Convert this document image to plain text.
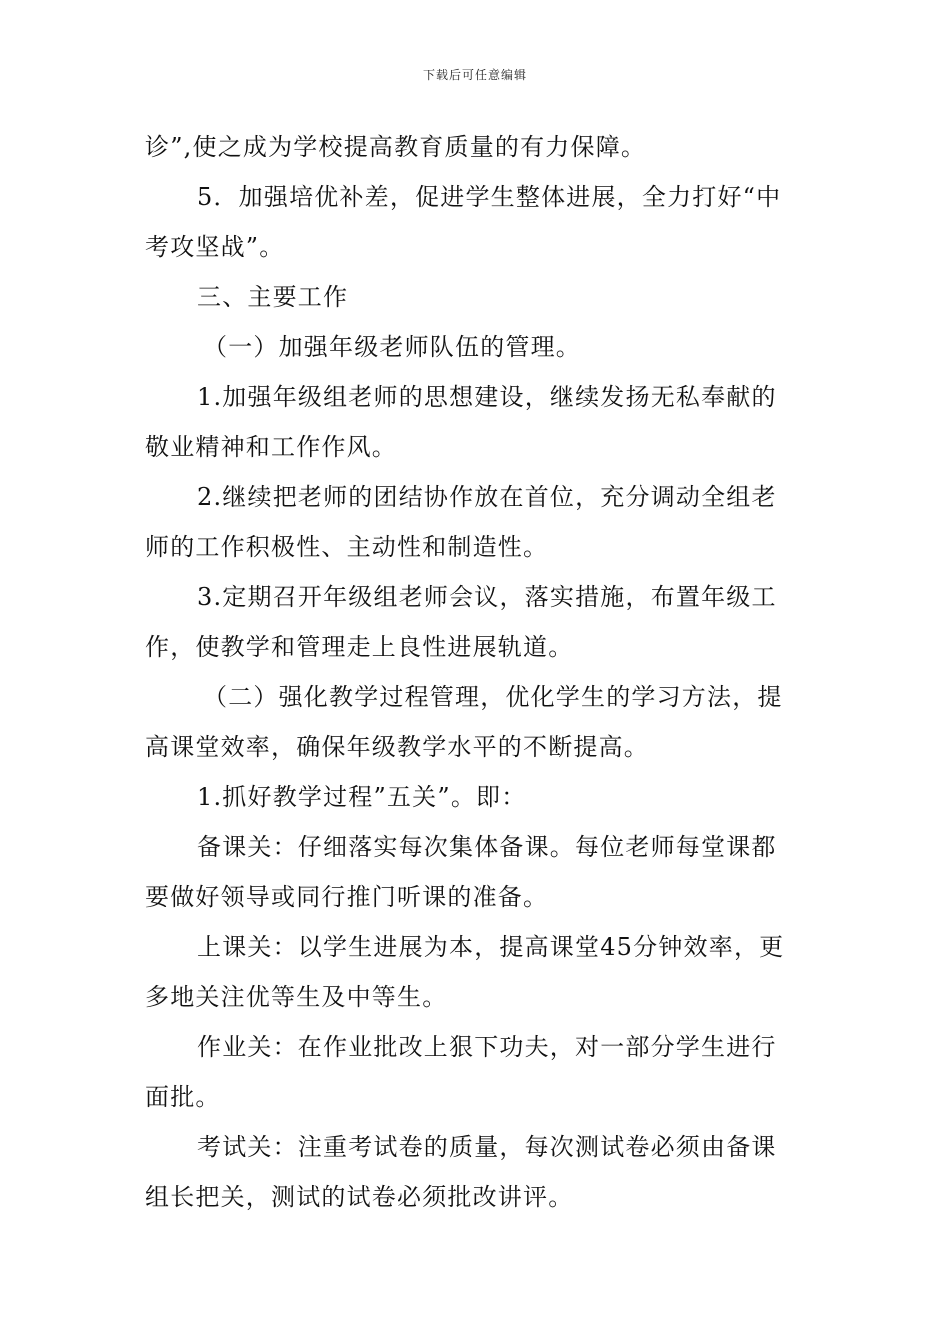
下载后可任意编辑
诊”,使之成为学校提高教育质量的有力保障。
5．加强培优补差，促进学生整体进展，全力打好“中
考攻坚战”。
三、主要工作
（一）加强年级老师队伍的管理。
1.加强年级组老师的思想建设，继续发扬无私奉献的
敬业精神和工作作风。
2.继续把老师的团结协作放在首位，充分调动全组老
师的工作积极性、主动性和制造性。
3.定期召开年级组老师会议，落实措施，布置年级工
作，使教学和管理走上良性进展轨道。
（二）强化教学过程管理，优化学生的学习方法，提
高课堂效率，确保年级教学水平的不断提高。
1.抓好教学过程”五关”。即：
备课关：仔细落实每次集体备课。每位老师每堂课都
要做好领导或同行推门听课的准备。
上课关：以学生进展为本，提高课堂45分钟效率，更
多地关注优等生及中等生。
作业关：在作业批改上狠下功夫，对一部分学生进行
面批。
考试关：注重考试卷的质量，每次测试卷必须由备课
组长把关，测试的试卷必须批改讲评。
